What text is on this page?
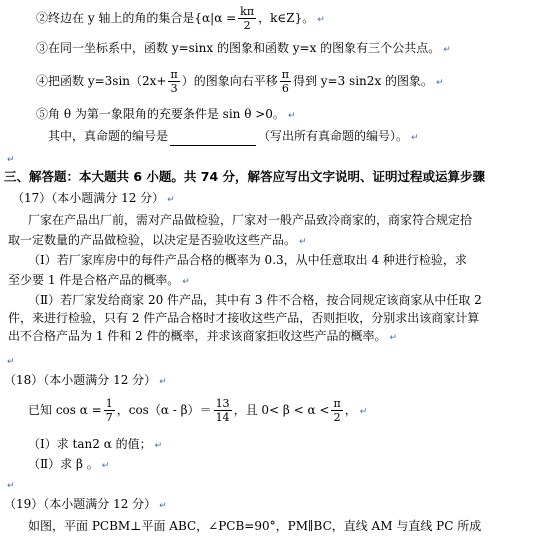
②终边在 y 轴上的角的集合是{$\alpha|\alpha = \frac{k\pi}{2}$ ，k∈Z}。 ↵
③在同一坐标系中，函数 y=sinx 的图象和函数 y=x 的图象有三个公共点。 ↵
④把函数 $y=3\sin(2x+ \frac{\pi}{3}$ ）的图象向右平移 $\frac{\pi}{6}$ 得到 y=3 sin2x 的图象。 ↵
⑤角 θ 为第一象限角的充要条件是 sin θ >0。 ↵
其中，真命题的编号是	（写出所有真命题的编号）。 ↵
↵
三、解答题：本大题共 6 小题。共 74 分，解答应写出文字说明、证明过程或运算步骤
（17）（本小题满分 12 分） ↵
厂家在产品出厂前，需对产品做检验，厂家对一般产品致冷商家的，商家符合规定拾
取一定数量的产品做检验，以决定是否验收这些产品。 ↵
（Ⅰ）若厂家库房中的每件产品合格的概率为 0.3，从中任意取出 4 种进行检验，求
至少要 1 件是合格产品的概率。 ↵
（Ⅱ）若厂家发给商家 20 件产品，其中有 3 件不合格，按合同规定该商家从中任取 2
件，来进行检验，只有 2 件产品合格时才接收这些产品，否则拒收，分别求出该商家计算
出不合格产品为 1 件和 2 件的概率，并求该商家拒收这些产品的概率。 ↵
↵
（18）（本小题满分 12 分） ↵
已知 $\cos \alpha = \frac{1}{7}$ ，$\cos(\alpha - \beta)= \frac{13}{14}$ ，且 $0< \beta < \alpha < \frac{\pi}{2}$ ， ↵
（Ⅰ）求 tan2 α 的值； ↵
（Ⅱ）求 β 。 ↵
↵
（19）（本小题满分 12 分） ↵
如图，平面 PCBM⊥平面 ABC，∠PCB=90°，PM∥BC，直线 AM 与直线 PC 所成
